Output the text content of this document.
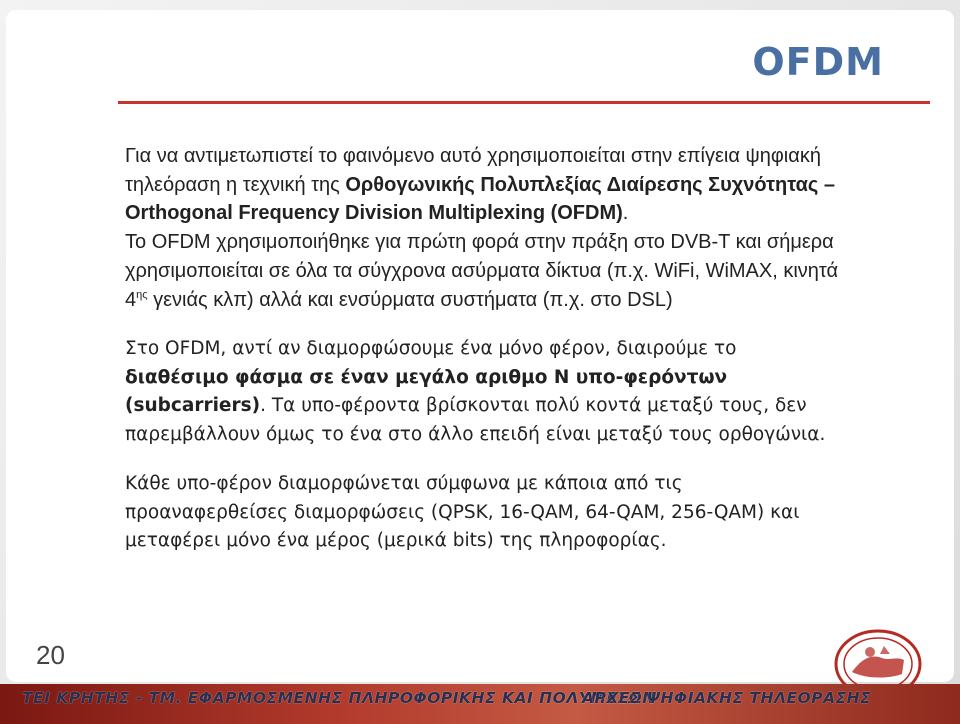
OFDM

Για να αντιμετωπιστεί το φαινόμενο αυτό χρησιμοποιείται στην επίγεια ψηφιακή τηλεόραση η τεχνική της Ορθογωνικής Πολυπλεξίας Διαίρεσης Συχνότητας – Orthogonal Frequency Division Multiplexing (OFDM).

Το OFDM χρησιμοποιήθηκε για πρώτη φορά στην πράξη στο DVB-T και σήμερα χρησιμοποιείται σε όλα τα σύγχρονα ασύρματα δίκτυα (π.χ. WiFi, WiMAX, κινητά $4^{\eta\varsigma}$ γενιάς κλπ) αλλά και ενσύρματα συστήματα (π.χ. στο DSL)

Στο OFDM, αντί αν διαμορφώσουμε ένα μόνο φέρον, διαιρούμε το διαθέσιμο φάσμα σε έναν μεγάλο αριθμο N υπο-φερόντων (subcarriers). Τα υπο-φέροντα βρίσκονται πολύ κοντά μεταξύ τους, δεν παρεμβάλλουν όμως το ένα στο άλλο επειδή είναι μεταξύ τους ορθογώνια.

Κάθε υπο-φέρον διαμορφώνεται σύμφωνα με κάποια από τις προαναφερθείσες διαμορφώσεις (QPSK, 16-QAM, 64-QAM, 256-QAM) και μεταφέρει μόνο ένα μέρος (μερικά bits) της πληροφορίας.

20
ΤΕΙ ΚΡΗΤΗΣ - ΤΜ. ΕΦΑΡΜΟΣΜΕΝΗΣ ΠΛΗΡΟΦΟΡΙΚΗΣ ΚΑΙ ΠΟΛΥΜΕΣΩΝ
ΑΡΧΕΣ ΨΗΦΙΑΚΗΣ ΤΗΛΕΟΡΑΣΗΣ
